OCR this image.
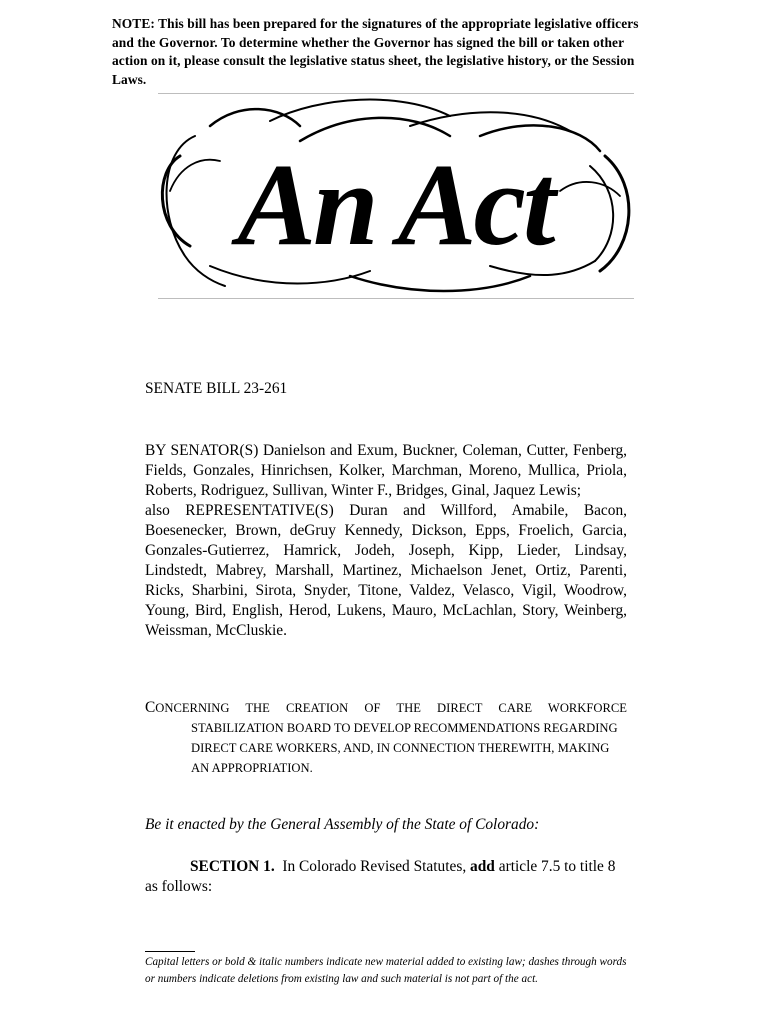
NOTE: This bill has been prepared for the signatures of the appropriate legislative officers and the Governor. To determine whether the Governor has signed the bill or taken other action on it, please consult the legislative status sheet, the legislative history, or the Session Laws.
An Act
SENATE BILL 23-261

BY SENATOR(S) Danielson and Exum, Buckner, Coleman, Cutter, Fenberg, Fields, Gonzales, Hinrichsen, Kolker, Marchman, Moreno, Mullica, Priola, Roberts, Rodriguez, Sullivan, Winter F., Bridges, Ginal, Jaquez Lewis;

also REPRESENTATIVE(S) Duran and Willford, Amabile, Bacon, Boesenecker, Brown, deGruy Kennedy, Dickson, Epps, Froelich, Garcia, Gonzales-Gutierrez, Hamrick, Jodeh, Joseph, Kipp, Lieder, Lindsay, Lindstedt, Mabrey, Marshall, Martinez, Michaelson Jenet, Ortiz, Parenti, Ricks, Sharbini, Sirota, Snyder, Titone, Valdez, Velasco, Vigil, Woodrow, Young, Bird, English, Herod, Lukens, Mauro, McLachlan, Story, Weinberg, Weissman, McCluskie.

CONCERNING THE CREATION OF THE DIRECT CARE WORKFORCE
STABILIZATION BOARD TO DEVELOP RECOMMENDATIONS REGARDING
DIRECT CARE WORKERS, AND, IN CONNECTION THEREWITH, MAKING
AN APPROPRIATION.
Be it enacted by the General Assembly of the State of Colorado:
SECTION 1. In Colorado Revised Statutes, add article 7.5 to title 8 as follows:
Capital letters or bold & italic numbers indicate new material added to existing law; dashes through words or numbers indicate deletions from existing law and such material is not part of the act.
